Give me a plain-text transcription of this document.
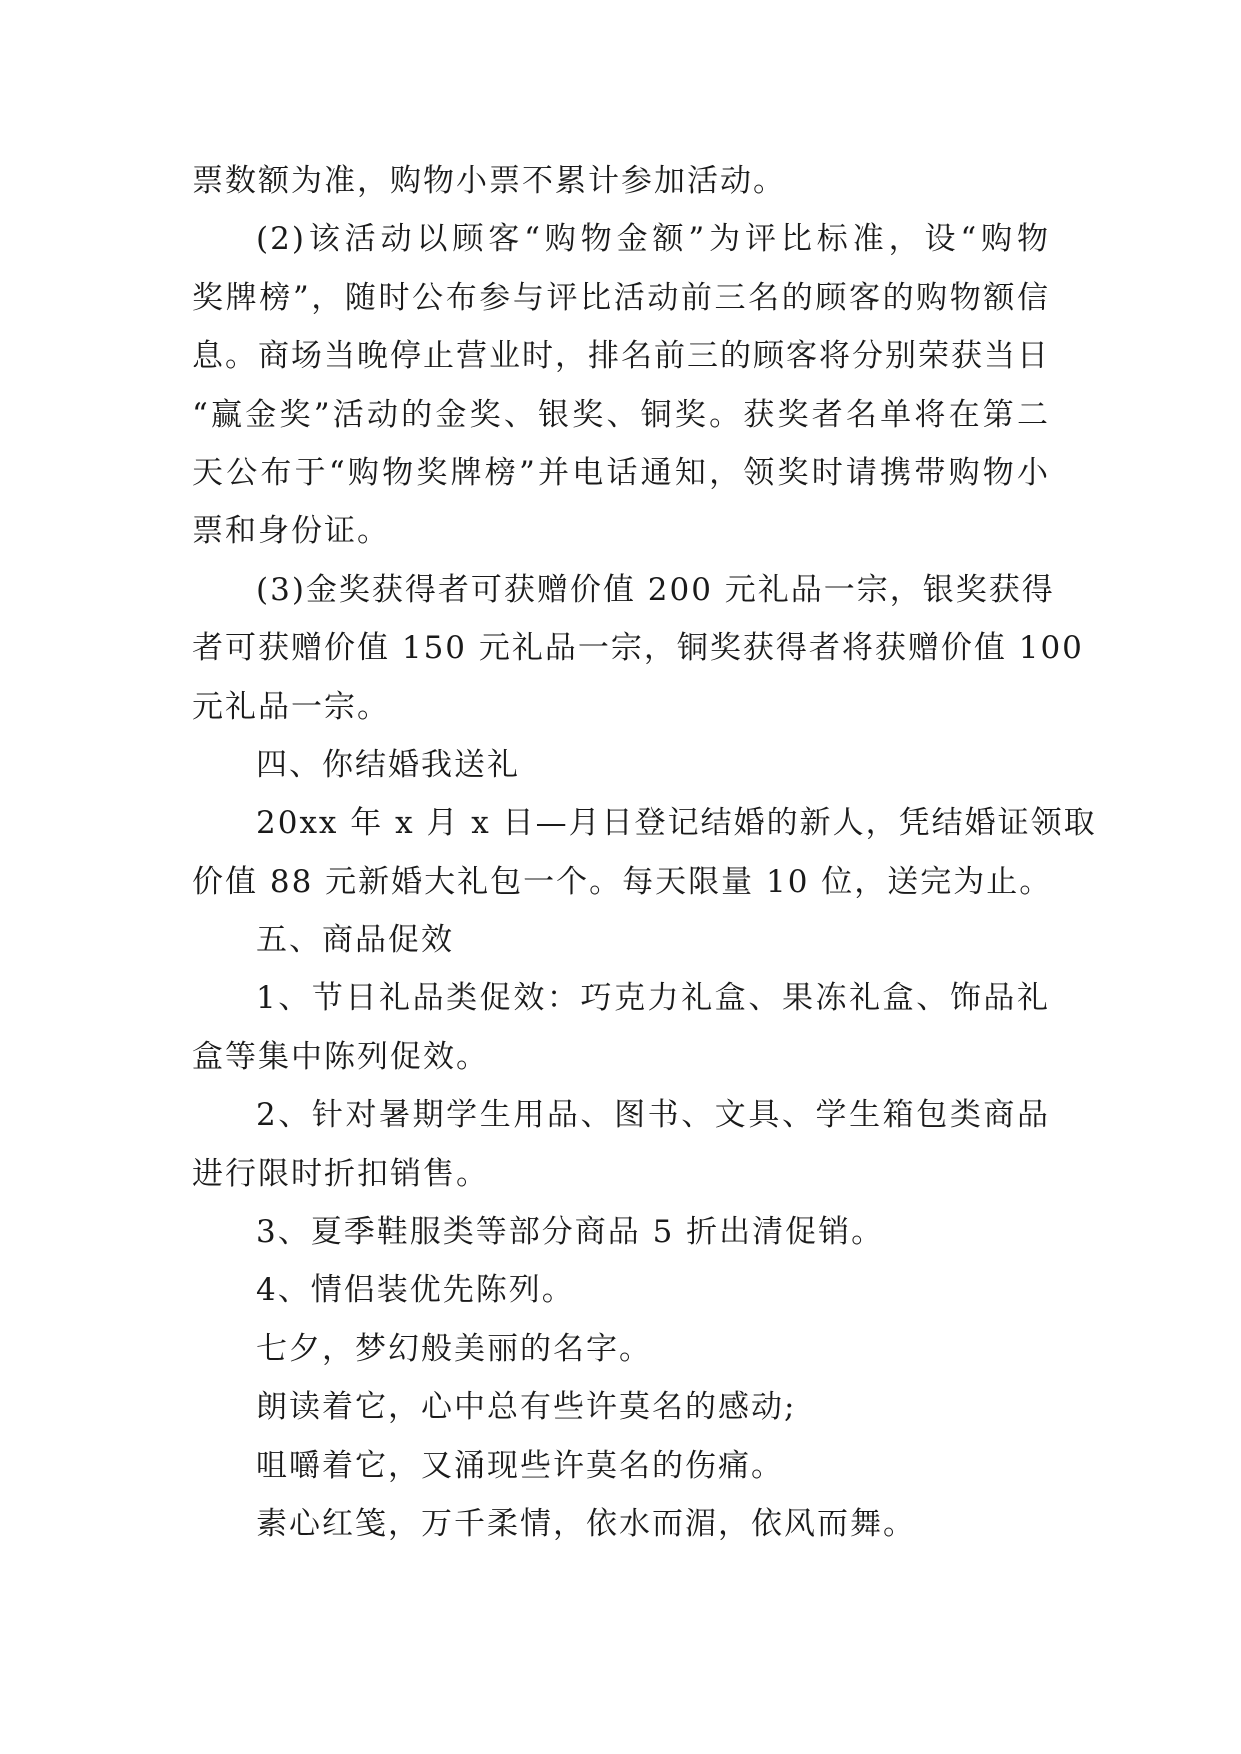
票数额为准，购物小票不累计参加活动。
(2)该活动以顾客“购物金额”为评比标准，设“购物
奖牌榜”，随时公布参与评比活动前三名的顾客的购物额信
息。商场当晚停止营业时，排名前三的顾客将分别荣获当日
“赢金奖”活动的金奖、银奖、铜奖。获奖者名单将在第二
天公布于“购物奖牌榜”并电话通知，领奖时请携带购物小
票和身份证。
(3)金奖获得者可获赠价值 200 元礼品一宗，银奖获得
者可获赠价值 150 元礼品一宗，铜奖获得者将获赠价值 100
元礼品一宗。
四、你结婚我送礼
20xx 年 x 月 x 日—月日登记结婚的新人，凭结婚证领取
价值 88 元新婚大礼包一个。每天限量 10 位，送完为止。
五、商品促效
1、节日礼品类促效：巧克力礼盒、果冻礼盒、饰品礼
盒等集中陈列促效。
2、针对暑期学生用品、图书、文具、学生箱包类商品
进行限时折扣销售。
3、夏季鞋服类等部分商品 5 折出清促销。
4、情侣装优先陈列。
七夕，梦幻般美丽的名字。
朗读着它，心中总有些许莫名的感动;
咀嚼着它，又涌现些许莫名的伤痛。
素心红笺，万千柔情，依水而湄，依风而舞。
